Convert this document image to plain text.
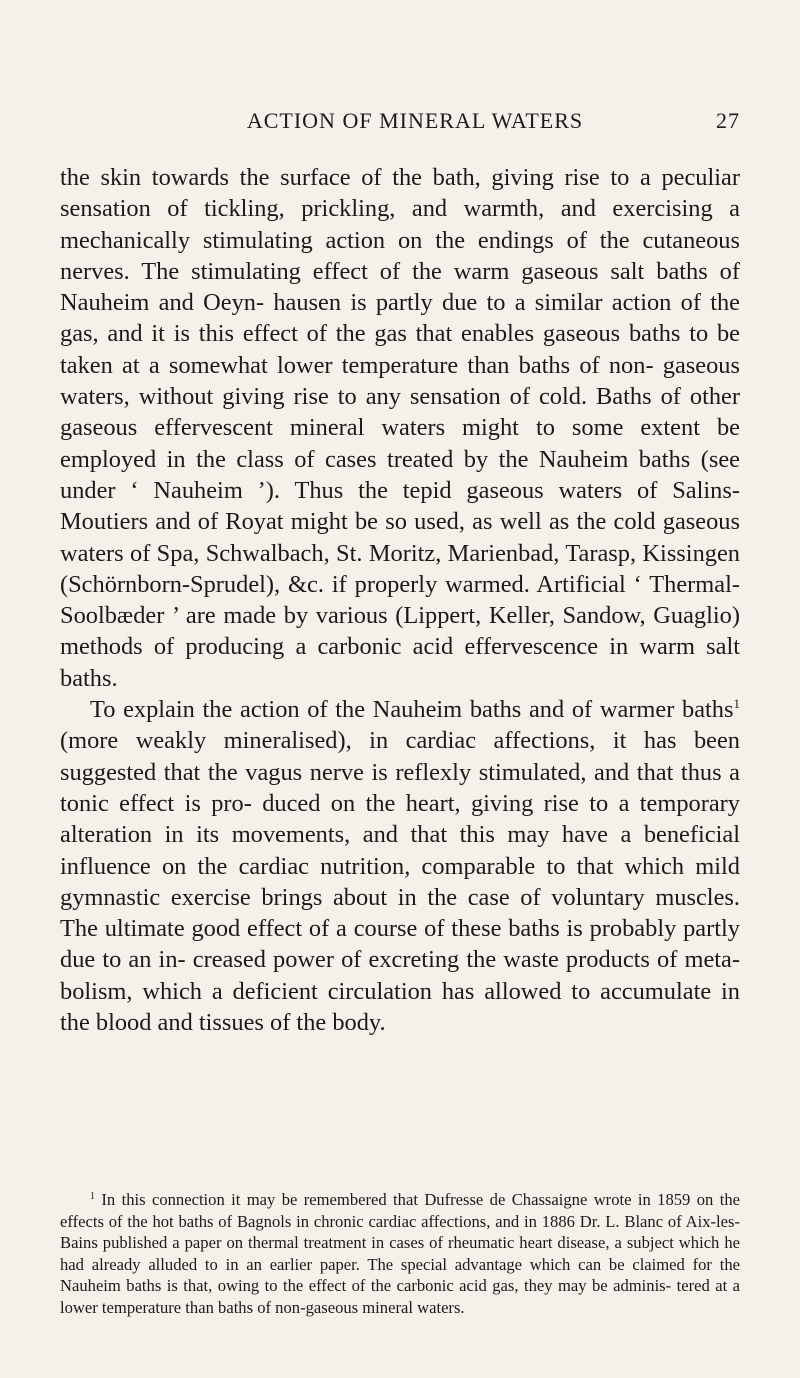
ACTION OF MINERAL WATERS	27

the skin towards the surface of the bath, giving rise to a peculiar sensation of tickling, prickling, and warmth, and exercising a mechanically stimulating action on the endings of the cutaneous nerves. The stimulating effect of the warm gaseous salt baths of Nauheim and Oeyn- hausen is partly due to a similar action of the gas, and it is this effect of the gas that enables gaseous baths to be taken at a somewhat lower temperature than baths of non- gaseous waters, without giving rise to any sensation of cold. Baths of other gaseous effervescent mineral waters might to some extent be employed in the class of cases treated by the Nauheim baths (see under ‘ Nauheim ’). Thus the tepid gaseous waters of Salins-Moutiers and of Royat might be so used, as well as the cold gaseous waters of Spa, Schwalbach, St. Moritz, Marienbad, Tarasp, Kissingen (Schörnborn-Sprudel), &c. if properly warmed. Artificial ‘ Thermal-Soolbæder ’ are made by various (Lippert, Keller, Sandow, Guaglio) methods of producing a carbonic acid effervescence in warm salt baths.

To explain the action of the Nauheim baths and of warmer baths$^1$ (more weakly mineralised), in cardiac affections, it has been suggested that the vagus nerve is reflexly stimulated, and that thus a tonic effect is pro- duced on the heart, giving rise to a temporary alteration in its movements, and that this may have a beneficial influence on the cardiac nutrition, comparable to that which mild gymnastic exercise brings about in the case of voluntary muscles. The ultimate good effect of a course of these baths is probably partly due to an in- creased power of excreting the waste products of meta- bolism, which a deficient circulation has allowed to accumulate in the blood and tissues of the body.

$^1$ In this connection it may be remembered that Dufresse de Chassaigne wrote in 1859 on the effects of the hot baths of Bagnols in chronic cardiac affections, and in 1886 Dr. L. Blanc of Aix-les-Bains published a paper on thermal treatment in cases of rheumatic heart disease, a subject which he had already alluded to in an earlier paper. The special advantage which can be claimed for the Nauheim baths is that, owing to the effect of the carbonic acid gas, they may be adminis- tered at a lower temperature than baths of non-gaseous mineral waters.
